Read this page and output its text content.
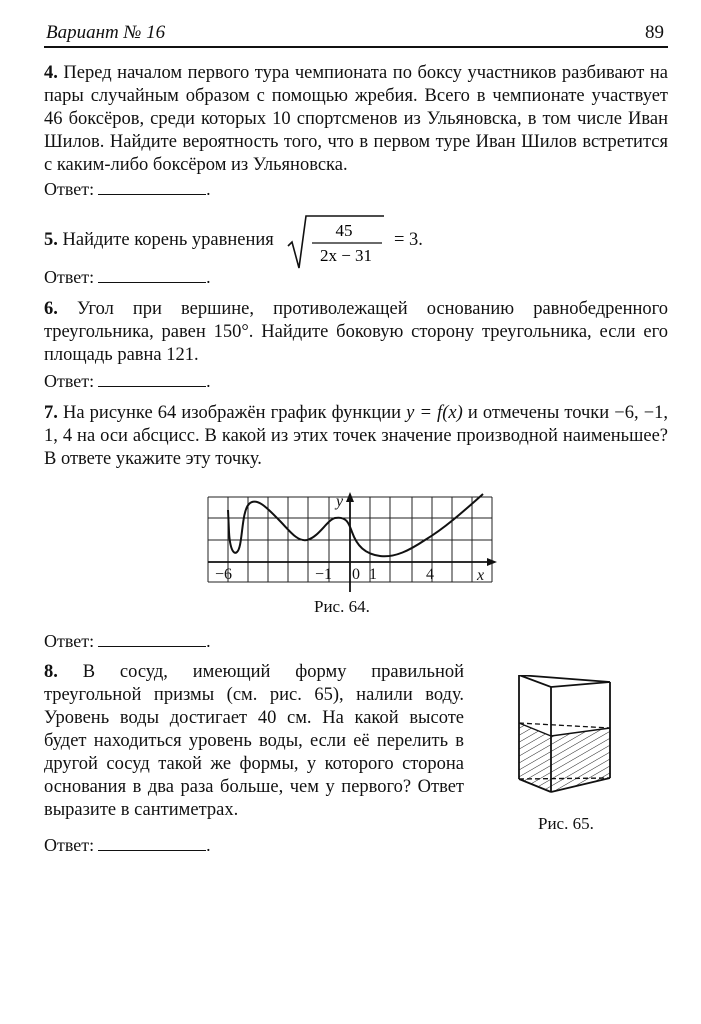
Вариант № 16	89
4. Перед началом первого тура чемпионата по боксу участников разбивают на пары случайным образом с помощью жребия. Всего в чемпионате участвует 46 боксёров, среди которых 10 спортсменов из Ульяновска, в том числе Иван Шилов. Найдите вероятность того, что в первом туре Иван Шилов встретится с каким-либо боксёром из Ульяновска.
Ответ:	.
5. Найдите корень уравнения	45
2x − 31
= 3.
Ответ:	.
6. Угол при вершине, противолежащей основанию равнобедренного треугольника, равен 150°. Найдите боковую сторону треугольника, если его площадь равна 121.
Ответ:	.
7. На рисунке 64 изображён график функции y = f(x) и отмечены точки −6, −1, 1, 4 на оси абсцисс. В какой из этих точек значение производной наименьшее? В ответе укажите эту точку.
−6	−1 0 1	4	x
y
Рис. 64.
Ответ:	.
8. В сосуд, имеющий форму правильной треугольной призмы (см. рис. 65), налили воду. Уровень воды достигает 40 см. На какой высоте будет находиться уровень воды, если её перелить в другой сосуд такой же формы, у которого сторона основания в два раза больше, чем у первого? Ответ выразите в сантиметрах.
Ответ:	.
Рис. 65.
